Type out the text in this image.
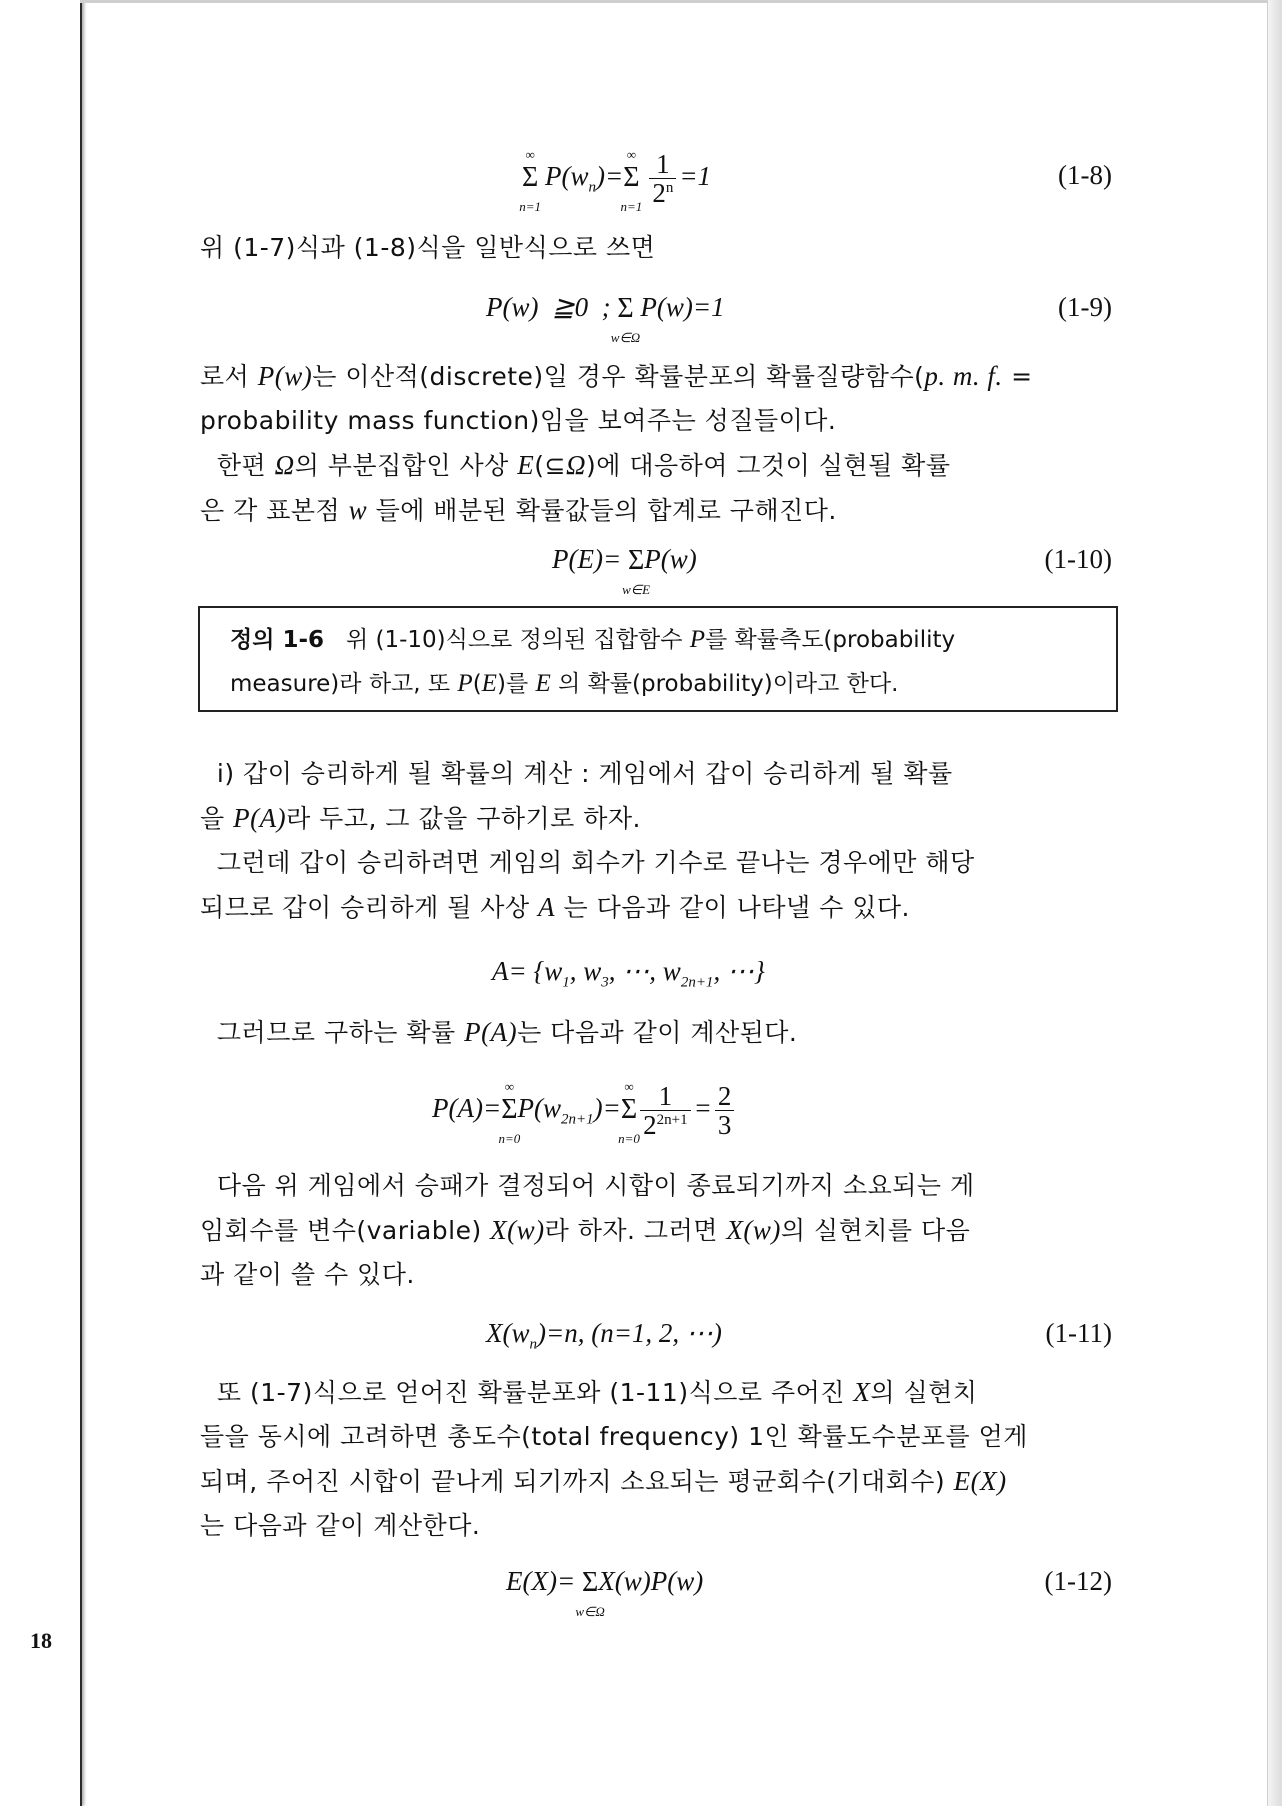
∞
Σ
n=1
$P(w_n)=$
∞
Σ
n=1
$\frac{1}{2^n} =1$	(1-8)
위 (1-7)식과 (1-8)식을 일반식으로 쓰면
P(w)  ≧0  ;
w∈Ω
Σ P(w)=1	(1-9)
로서 P(w)는 이산적(discrete)일 경우 확률분포의 확률질량함수(p. m. f. =
probability mass function)임을 보여주는 성질들이다.
한편 Ω의 부분집합인 사상 E(⊆Ω)에 대응하여 그것이 실현될 확률
은 각 표본점 w 들에 배분된 확률값들의 합계로 구해진다.
P(E)=
w∈E
ΣP(w)	(1-10)
정의 1-6 위 (1-10)식으로 정의된 집합함수 P를 확률측도(probability
measure)라 하고, 또 P(E)를 E 의 확률(probability)이라고 한다.
i) 갑이 승리하게 될 확률의 계산 : 게임에서 갑이 승리하게 될 확률
을 P(A)라 두고, 그 값을 구하기로 하자.
그런데 갑이 승리하려면 게임의 회수가 기수로 끝나는 경우에만 해당
되므로 갑이 승리하게 될 사상 A 는 다음과 같이 나타낼 수 있다.
$A= \{w_1$, $w_3$, ⋯, $w_{2n+1}$, ⋯}
그러므로 구하는 확률 P(A)는 다음과 같이 계산된다.
P(A)=
∞
Σ
n=0
$P(w_{2n+1})=$
∞
Σ
$n=0 \frac{1}{2^{2n+1}} = \frac{2}{3}$
다음 위 게임에서 승패가 결정되어 시합이 종료되기까지 소요되는 게
임회수를 변수(variable) X(w)라 하자. 그러면 X(w)의 실현치를 다음
과 같이 쓸 수 있다.
$X(w_n)=n$, (n=1, 2, ⋯)	(1-11)
또 (1-7)식으로 얻어진 확률분포와 (1-11)식으로 주어진 X의 실현치
들을 동시에 고려하면 총도수(total frequency) 1인 확률도수분포를 얻게
되며, 주어진 시합이 끝나게 되기까지 소요되는 평균회수(기대회수) E(X)
는 다음과 같이 계산한다.
E(X)=
w∈Ω
ΣX(w)P(w)	(1-12)
18
